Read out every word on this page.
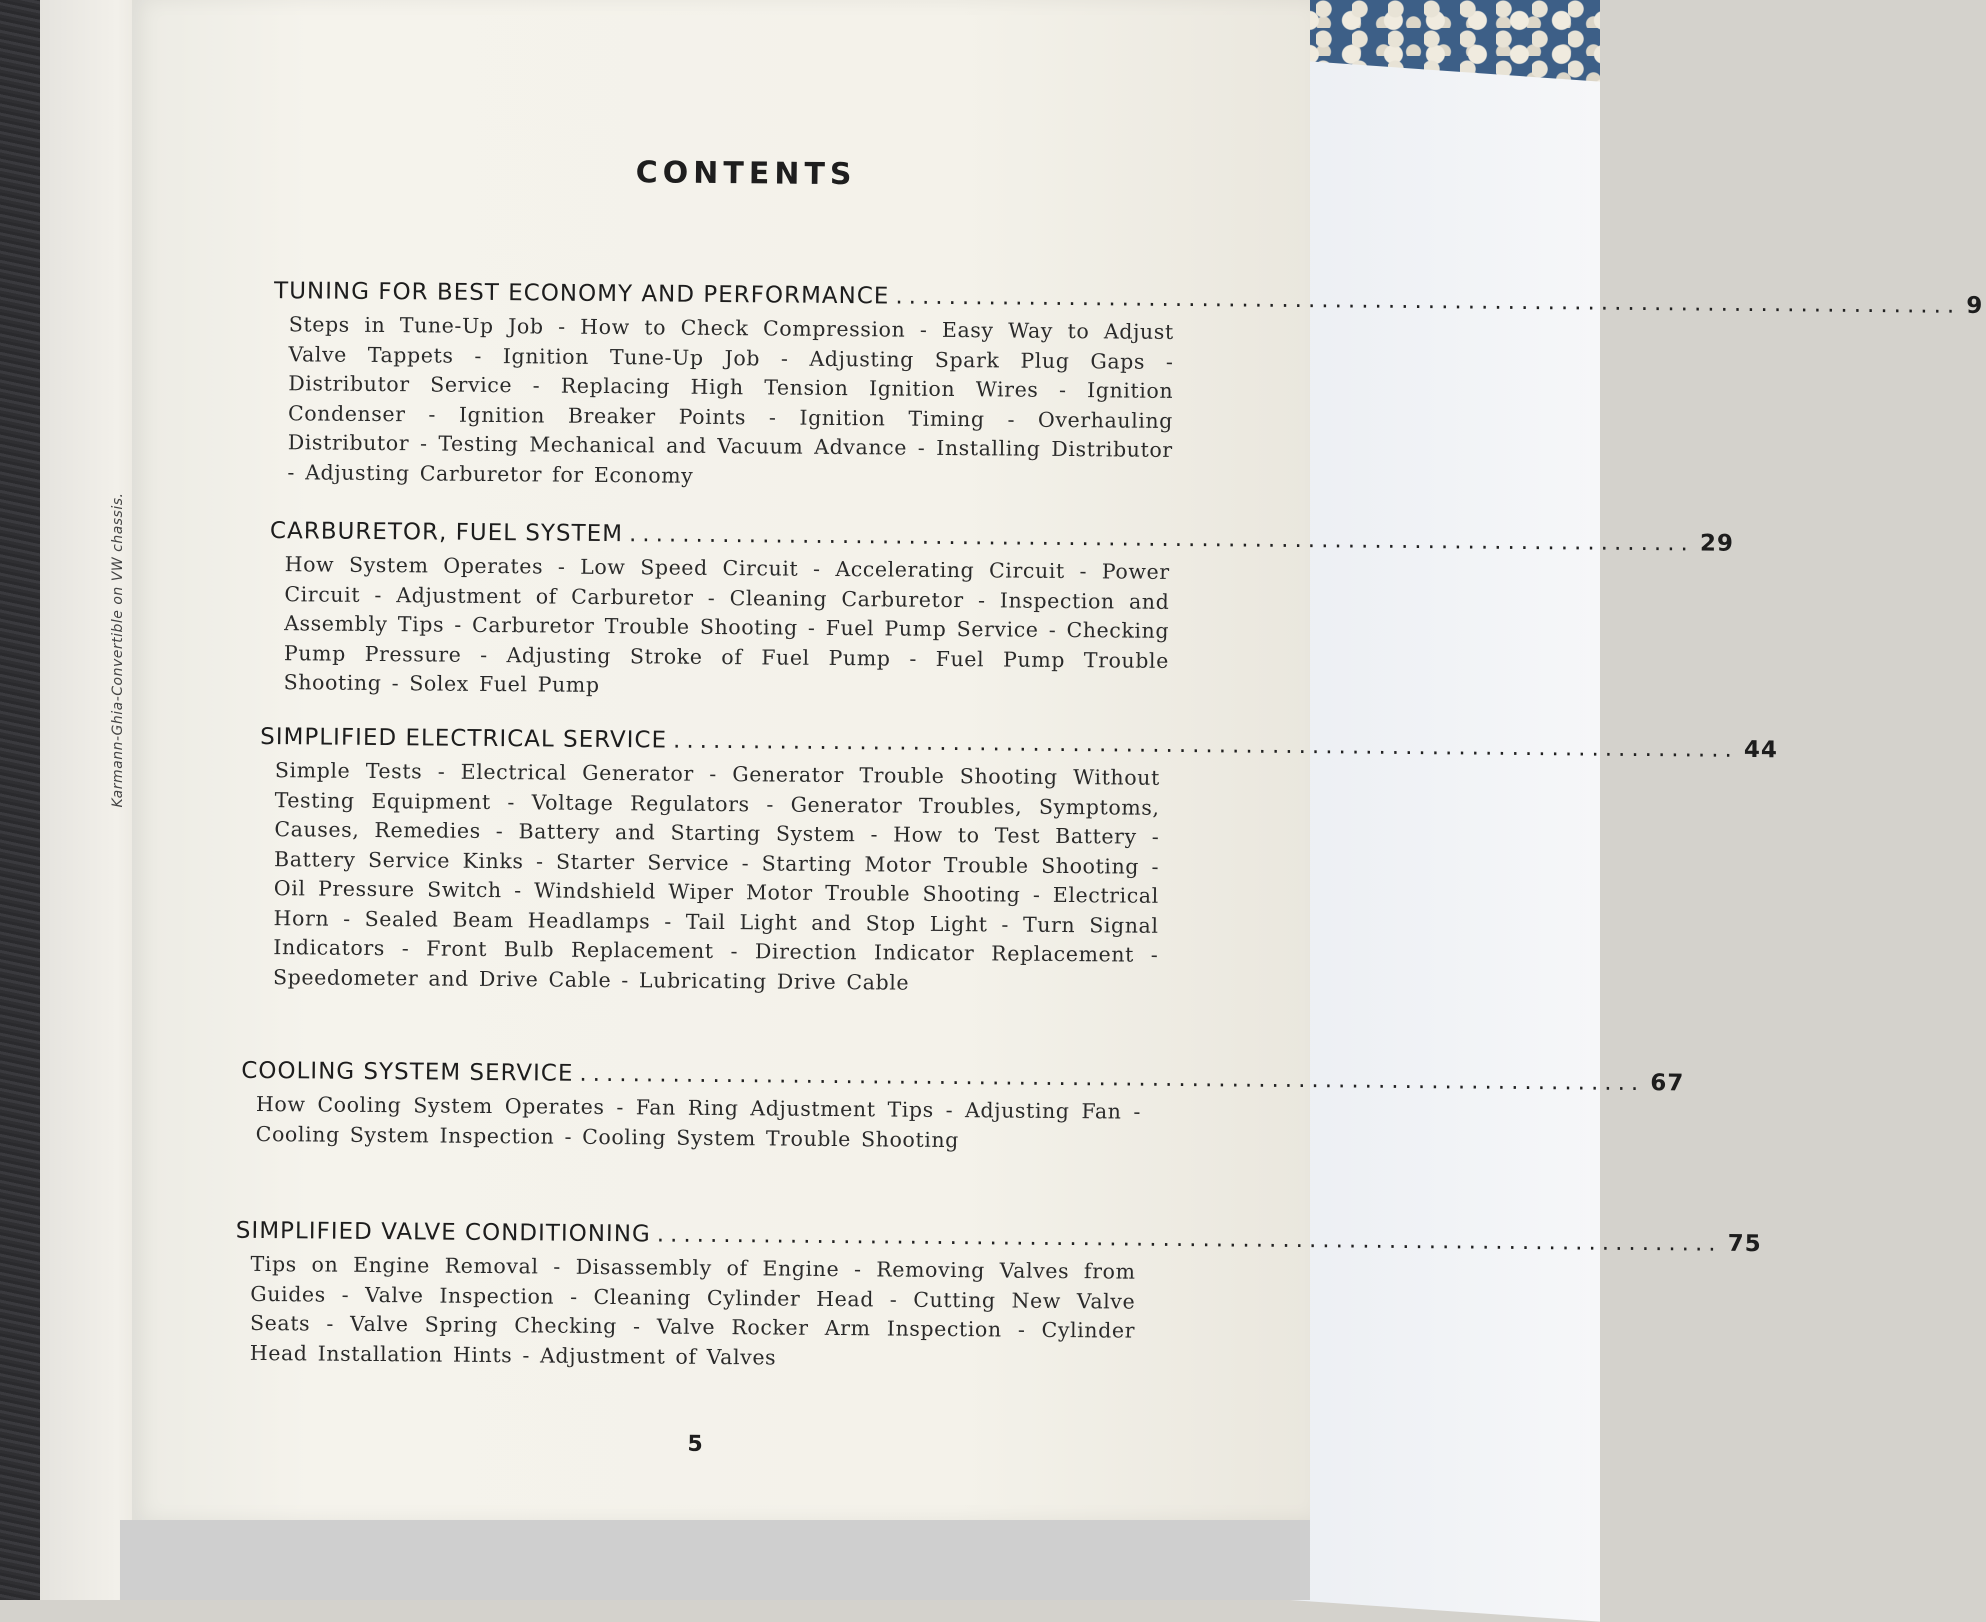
Karmann-Ghia-Convertible on VW chassis.
CONTENTS
TUNING FOR BEST ECONOMY AND PERFORMANCE ................................................................................ 9
Steps in Tune-Up Job - How to Check Compression - Easy Way to Adjust Valve Tappets - Ignition Tune-Up Job - Adjusting Spark Plug Gaps - Distributor Service - Replacing High Tension Ignition Wires - Ignition Condenser - Ignition Breaker Points - Ignition Timing - Overhauling Distributor - Testing Mechanical and Vacuum Advance - Installing Distributor - Adjusting Carburetor for Economy
CARBURETOR, FUEL SYSTEM ................................................................................ 29
How System Operates - Low Speed Circuit - Accelerating Circuit - Power Circuit - Adjustment of Carburetor - Cleaning Carburetor - Inspection and Assembly Tips - Carburetor Trouble Shooting - Fuel Pump Service - Checking Pump Pressure - Adjusting Stroke of Fuel Pump - Fuel Pump Trouble Shooting - Solex Fuel Pump
SIMPLIFIED ELECTRICAL SERVICE ................................................................................ 44
Simple Tests - Electrical Generator - Generator Trouble Shooting Without Testing Equipment - Voltage Regulators - Generator Troubles, Symptoms, Causes, Remedies - Battery and Starting System - How to Test Battery - Battery Service Kinks - Starter Service - Starting Motor Trouble Shooting - Oil Pressure Switch - Windshield Wiper Motor Trouble Shooting - Electrical Horn - Sealed Beam Headlamps - Tail Light and Stop Light - Turn Signal Indicators - Front Bulb Replacement - Direction Indicator Replacement - Speedometer and Drive Cable - Lubricating Drive Cable
COOLING SYSTEM SERVICE ................................................................................ 67
How Cooling System Operates - Fan Ring Adjustment Tips - Adjusting Fan - Cooling System Inspection - Cooling System Trouble Shooting
SIMPLIFIED VALVE CONDITIONING ................................................................................ 75
Tips on Engine Removal - Disassembly of Engine - Removing Valves from Guides - Valve Inspection - Cleaning Cylinder Head - Cutting New Valve Seats - Valve Spring Checking - Valve Rocker Arm Inspection - Cylinder Head Installation Hints - Adjustment of Valves
5
